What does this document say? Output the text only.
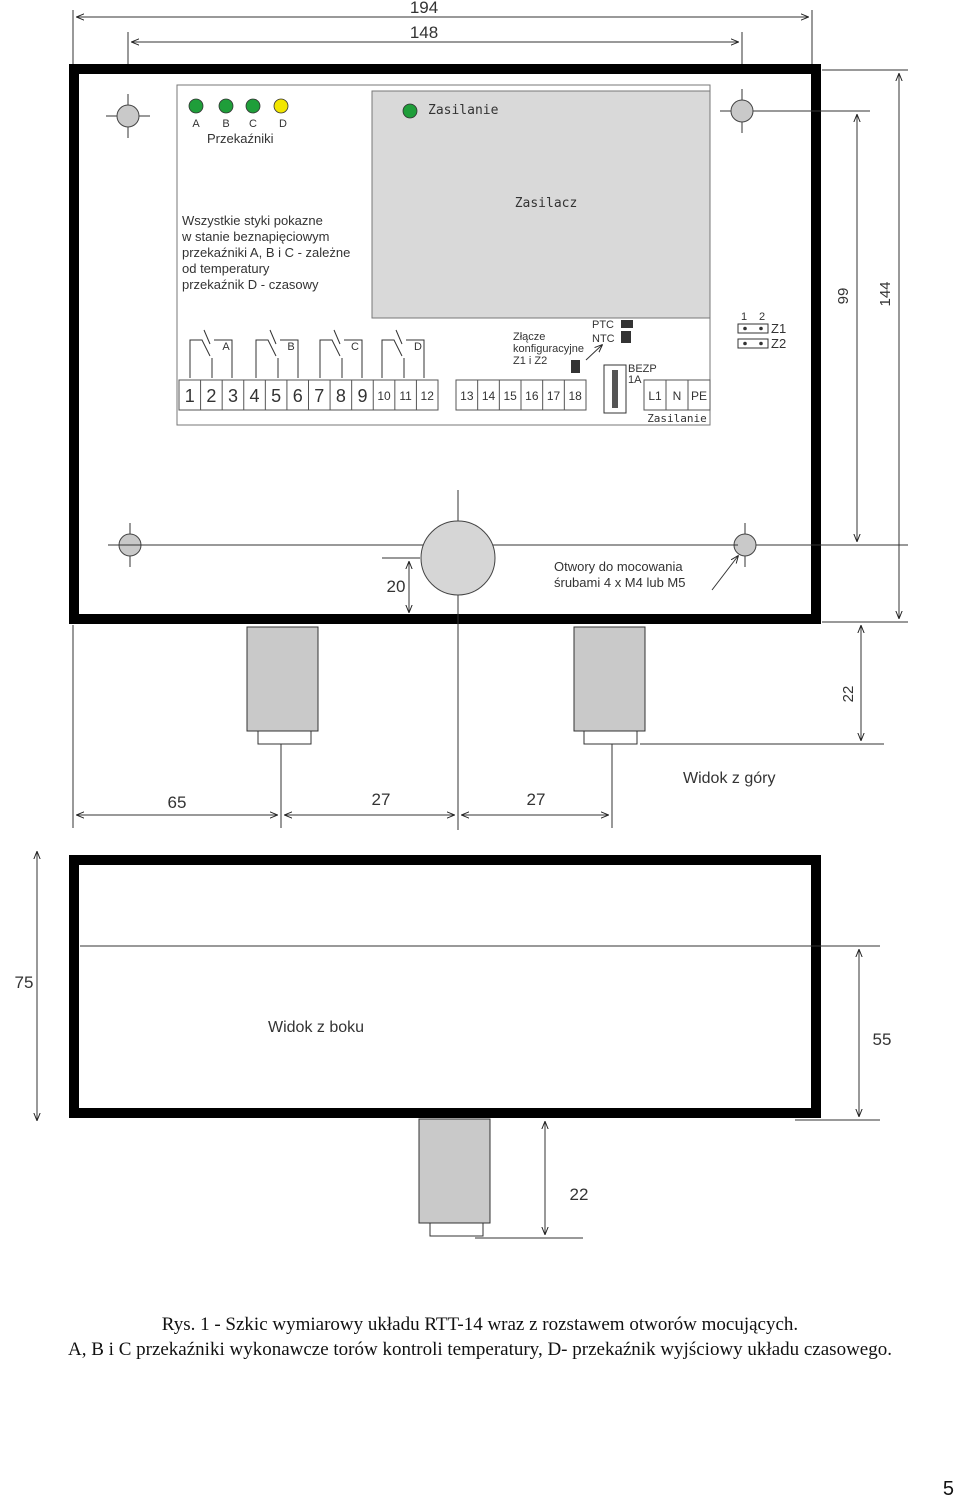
194
148
99 144
22
20
Otwory do mocowania
śrubami 4 x M4 lub M5
A B C D
Przekaźniki
Wszystkie styki pokazne
w stanie beznapięciowym
przekaźniki A, B i C - zależne
od temperatury
przekaźnik D - czasowy
Zasilanie
Zasilacz
A	B	C	D
1 2 3 4 5 6 7 8 9 10 11 12 13 14 15 16 17 18	L1 N PE
Zasilanie
PTC
NTC
Złącze
konfiguracyjne
Z1 i Z2
BEZP
1A
1 2
Z1
Z2
65	27	27
Widok z góry
75
55
Widok z boku
22
Rys. 1 - Szkic wymiarowy układu RTT-14 wraz z rozstawem otworów mocujących.
A, B i C przekaźniki wykonawcze torów kontroli temperatury, D- przekaźnik wyjściowy układu czasowego.
5
